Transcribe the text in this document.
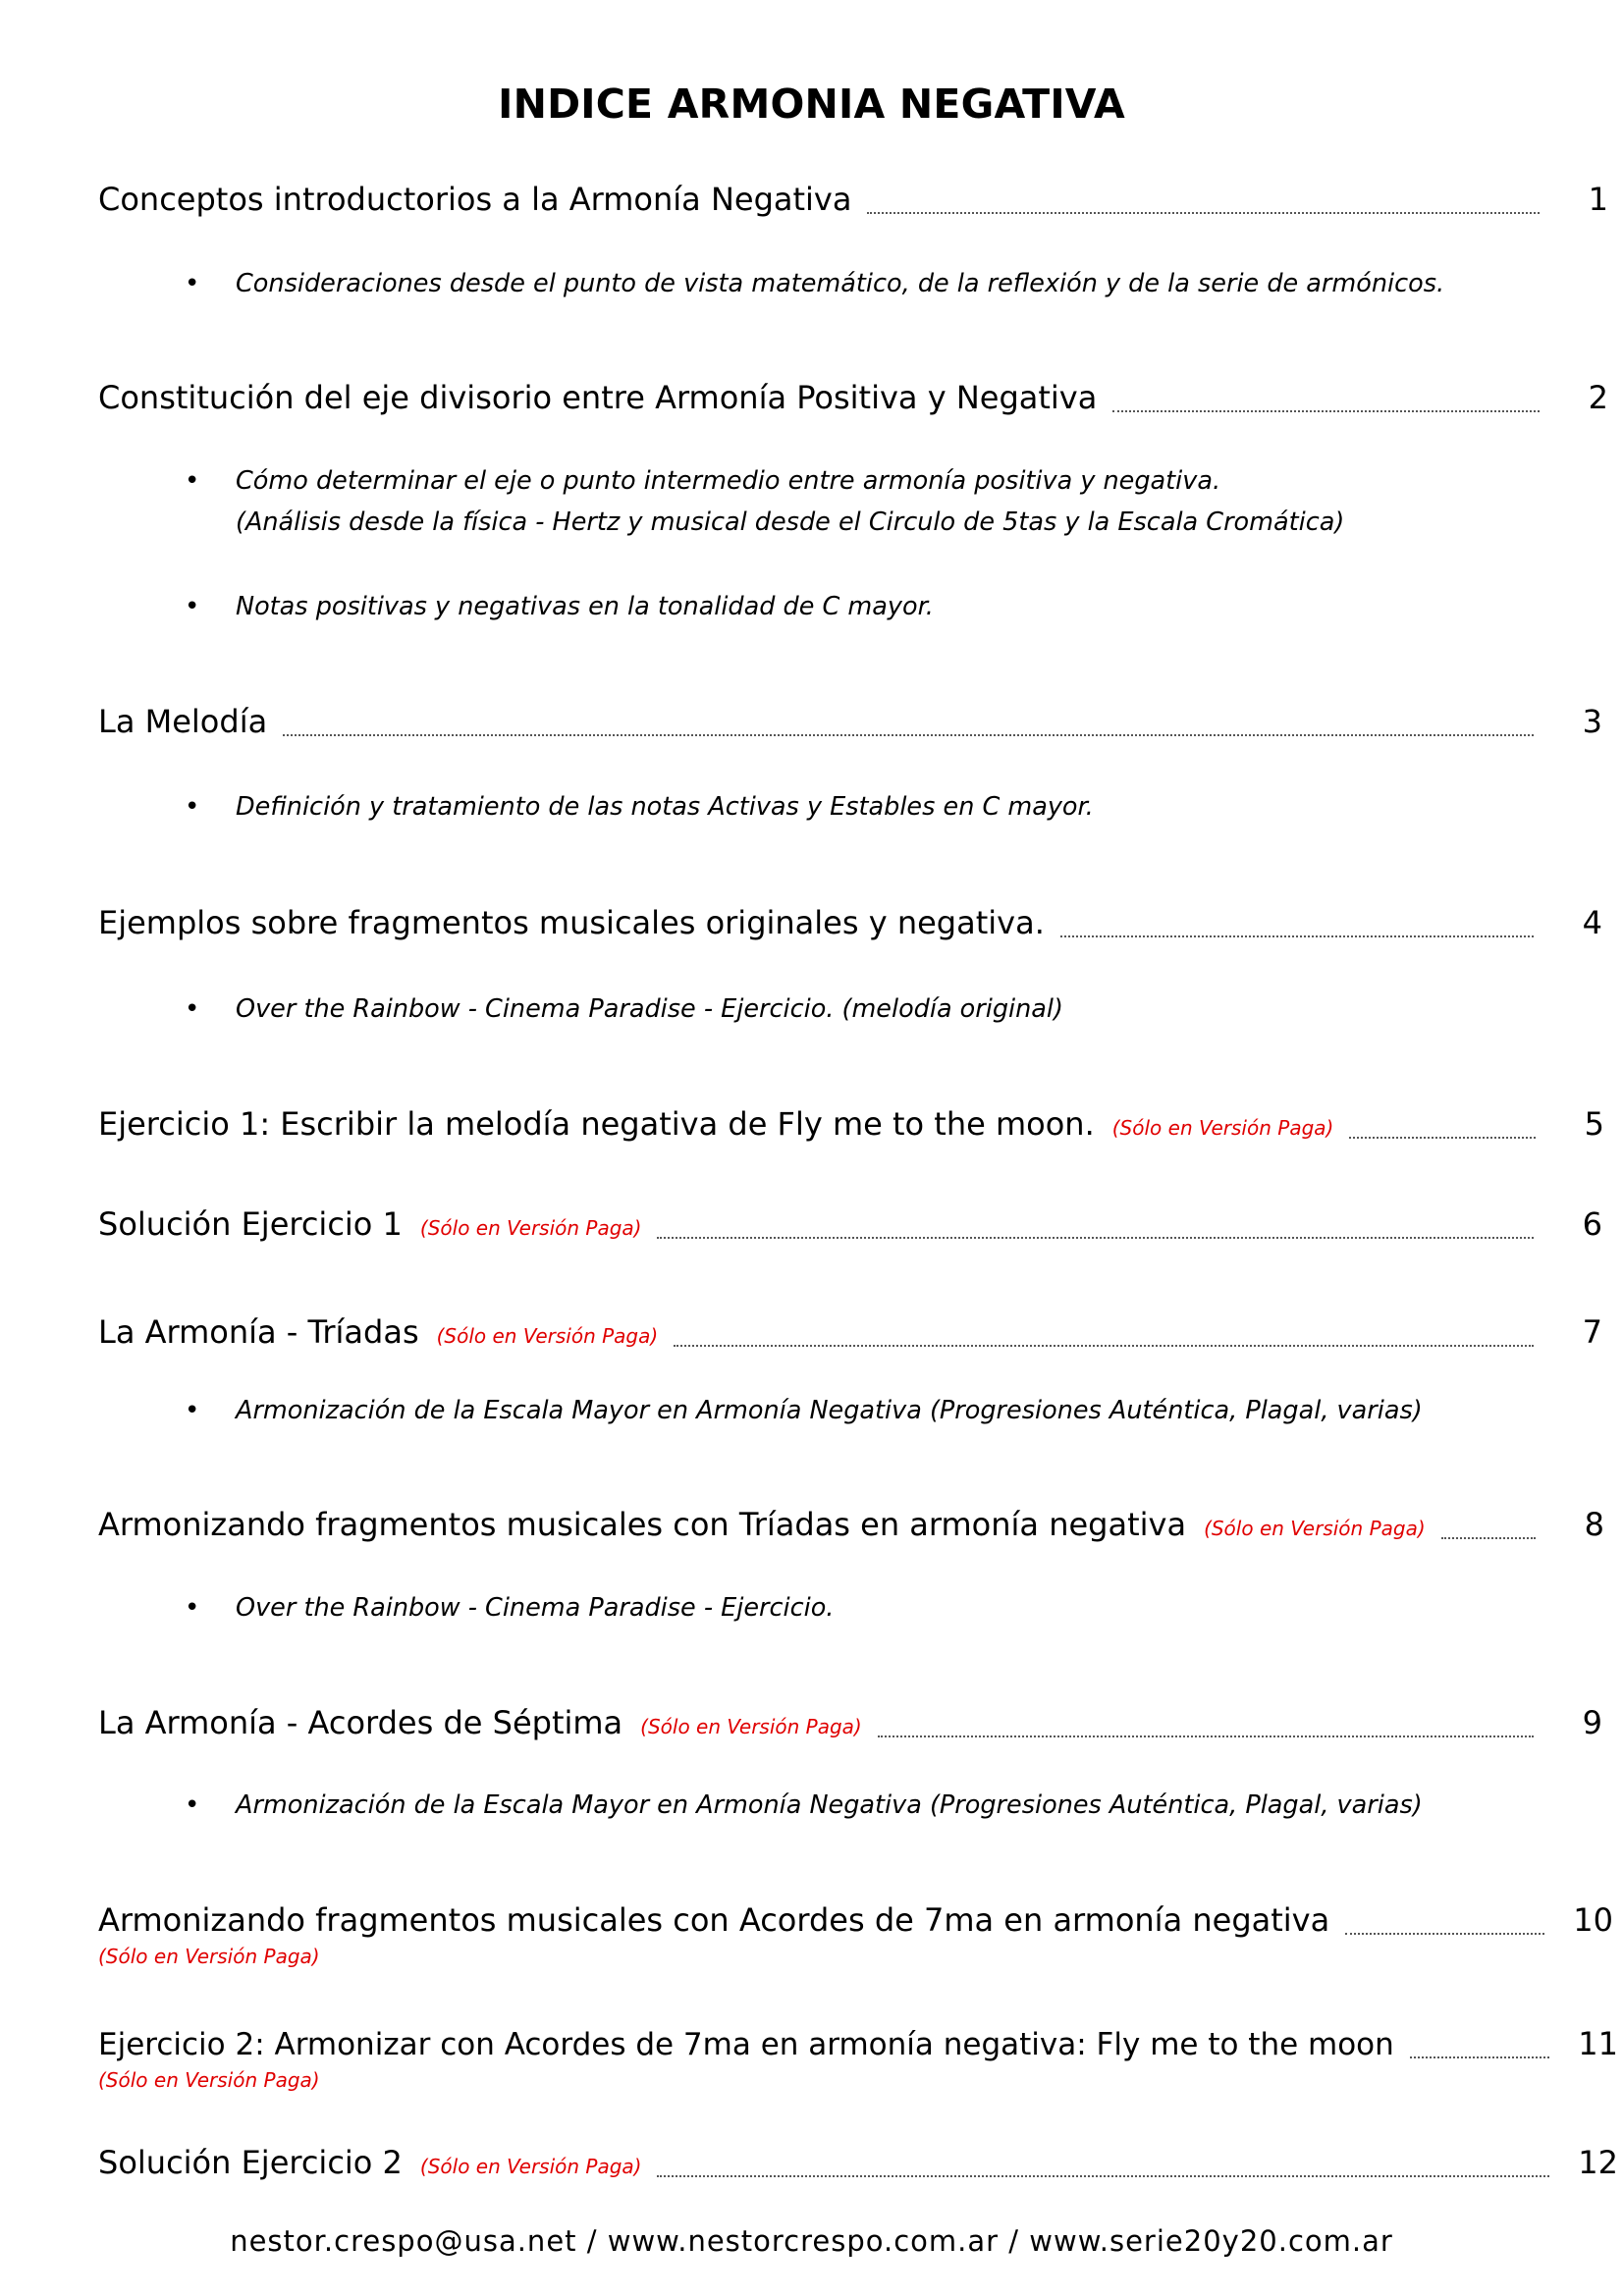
INDICE ARMONIA NEGATIVA
Conceptos introductorios a la Armonía Negativa	1
• Consideraciones desde el punto de vista matemático, de la reflexión y de la serie de armónicos.
Constitución del eje divisorio entre Armonía Positiva y Negativa	2
• Cómo determinar el eje o punto intermedio entre armonía positiva y negativa.
(Análisis desde la física - Hertz y musical desde el Circulo de 5tas y la Escala Cromática)
• Notas positivas y negativas en la tonalidad de C mayor.
La Melodía	3
• Definición y tratamiento de las notas Activas y Estables en C mayor.
Ejemplos sobre fragmentos musicales originales y negativa.	4
• Over the Rainbow - Cinema Paradise - Ejercicio. (melodía original)
Ejercicio 1: Escribir la melodía negativa de Fly me to the moon. (Sólo en Versión Paga)	5
Solución Ejercicio 1 (Sólo en Versión Paga)	6
La Armonía - Tríadas (Sólo en Versión Paga)	7
• Armonización de la Escala Mayor en Armonía Negativa (Progresiones Auténtica, Plagal, varias)
Armonizando fragmentos musicales con Tríadas en armonía negativa (Sólo en Versión Paga)	8
• Over the Rainbow - Cinema Paradise - Ejercicio.
La Armonía - Acordes de Séptima (Sólo en Versión Paga)	9
• Armonización de la Escala Mayor en Armonía Negativa (Progresiones Auténtica, Plagal, varias)
Armonizando fragmentos musicales con Acordes de 7ma en armonía negativa	10
(Sólo en Versión Paga)
Ejercicio 2: Armonizar con Acordes de 7ma en armonía negativa: Fly me to the moon	11
(Sólo en Versión Paga)
Solución Ejercicio 2 (Sólo en Versión Paga)	12
nestor.crespo@usa.net / www.nestorcrespo.com.ar / www.serie20y20.com.ar
